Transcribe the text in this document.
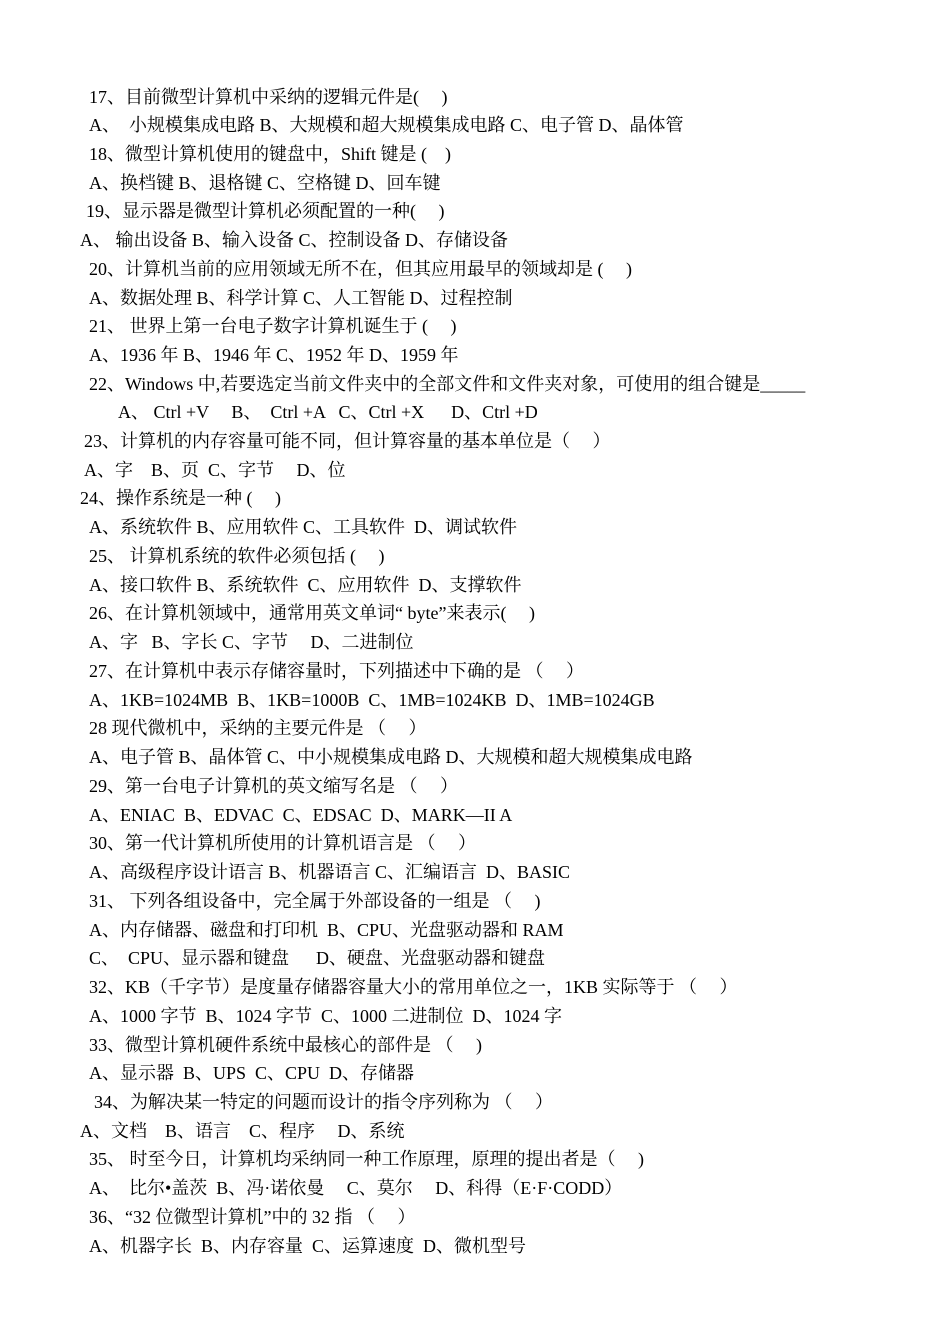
17、目前微型计算机中采纳的逻辑元件是(     )
A、  小规模集成电路 B、大规模和超大规模集成电路 C、电子管 D、晶体管
18、微型计算机使用的键盘中，Shift 键是 (    )
A、换档键 B、退格键 C、空格键 D、回车键
19、显示器是微型计算机必须配置的一种(     )
A、 输出设备 B、输入设备 C、控制设备 D、存储设备
20、计算机当前的应用领域无所不在，但其应用最早的领域却是 (     )
A、数据处理 B、科学计算 C、人工智能 D、过程控制
21、 世界上第一台电子数字计算机诞生于 (     )
A、1936 年 B、1946 年 C、1952 年 D、1959 年
22、Windows 中,若要选定当前文件夹中的全部文件和文件夹对象，可使用的组合键是_____
A、 Ctrl +V     B、  Ctrl +A   C、Ctrl +X      D、Ctrl +D
23、计算机的内存容量可能不同，但计算容量的基本单位是（     ）
A、字    B、页  C、字节     D、位
24、操作系统是一种 (     )
A、系统软件 B、应用软件 C、工具软件  D、调试软件
25、 计算机系统的软件必须包括 (     )
A、接口软件 B、系统软件  C、应用软件  D、支撑软件
26、在计算机领域中，通常用英文单词“ byte”来表示(     )
A、字   B、字长 C、字节     D、二进制位
27、在计算机中表示存储容量时，下列描述中下确的是 （     ）
A、1KB=1024MB  B、1KB=1000B  C、1MB=1024KB  D、1MB=1024GB
28 现代微机中，采纳的主要元件是 （     ）
A、电子管 B、晶体管 C、中小规模集成电路 D、大规模和超大规模集成电路
29、第一台电子计算机的英文缩写名是 （     ）
A、ENIAC  B、EDVAC  C、EDSAC  D、MARK—II A
30、第一代计算机所使用的计算机语言是 （     ）
A、高级程序设计语言 B、机器语言 C、汇编语言  D、BASIC
31、 下列各组设备中，完全属于外部设备的一组是 （     )
A、内存储器、磁盘和打印机  B、CPU、光盘驱动器和 RAM
C、  CPU、显示器和键盘      D、硬盘、光盘驱动器和键盘
32、KB（千字节）是度量存储器容量大小的常用单位之一，1KB 实际等于 （     ）
A、1000 字节  B、1024 字节  C、1000 二进制位  D、1024 字
33、微型计算机硬件系统中最核心的部件是 （     )
A、显示器  B、UPS  C、CPU  D、存储器
34、为解决某一特定的问题而设计的指令序列称为 （     ）
A、文档    B、语言    C、程序     D、系统
35、 时至今日，计算机均采纳同一种工作原理，原理的提出者是（     )
A、  比尔•盖茨  B、冯·诺依曼     C、莫尔     D、科得（E·F·CODD）
36、“32 位微型计算机”中的 32 指 （     ）
A、机器字长  B、内存容量  C、运算速度  D、微机型号
